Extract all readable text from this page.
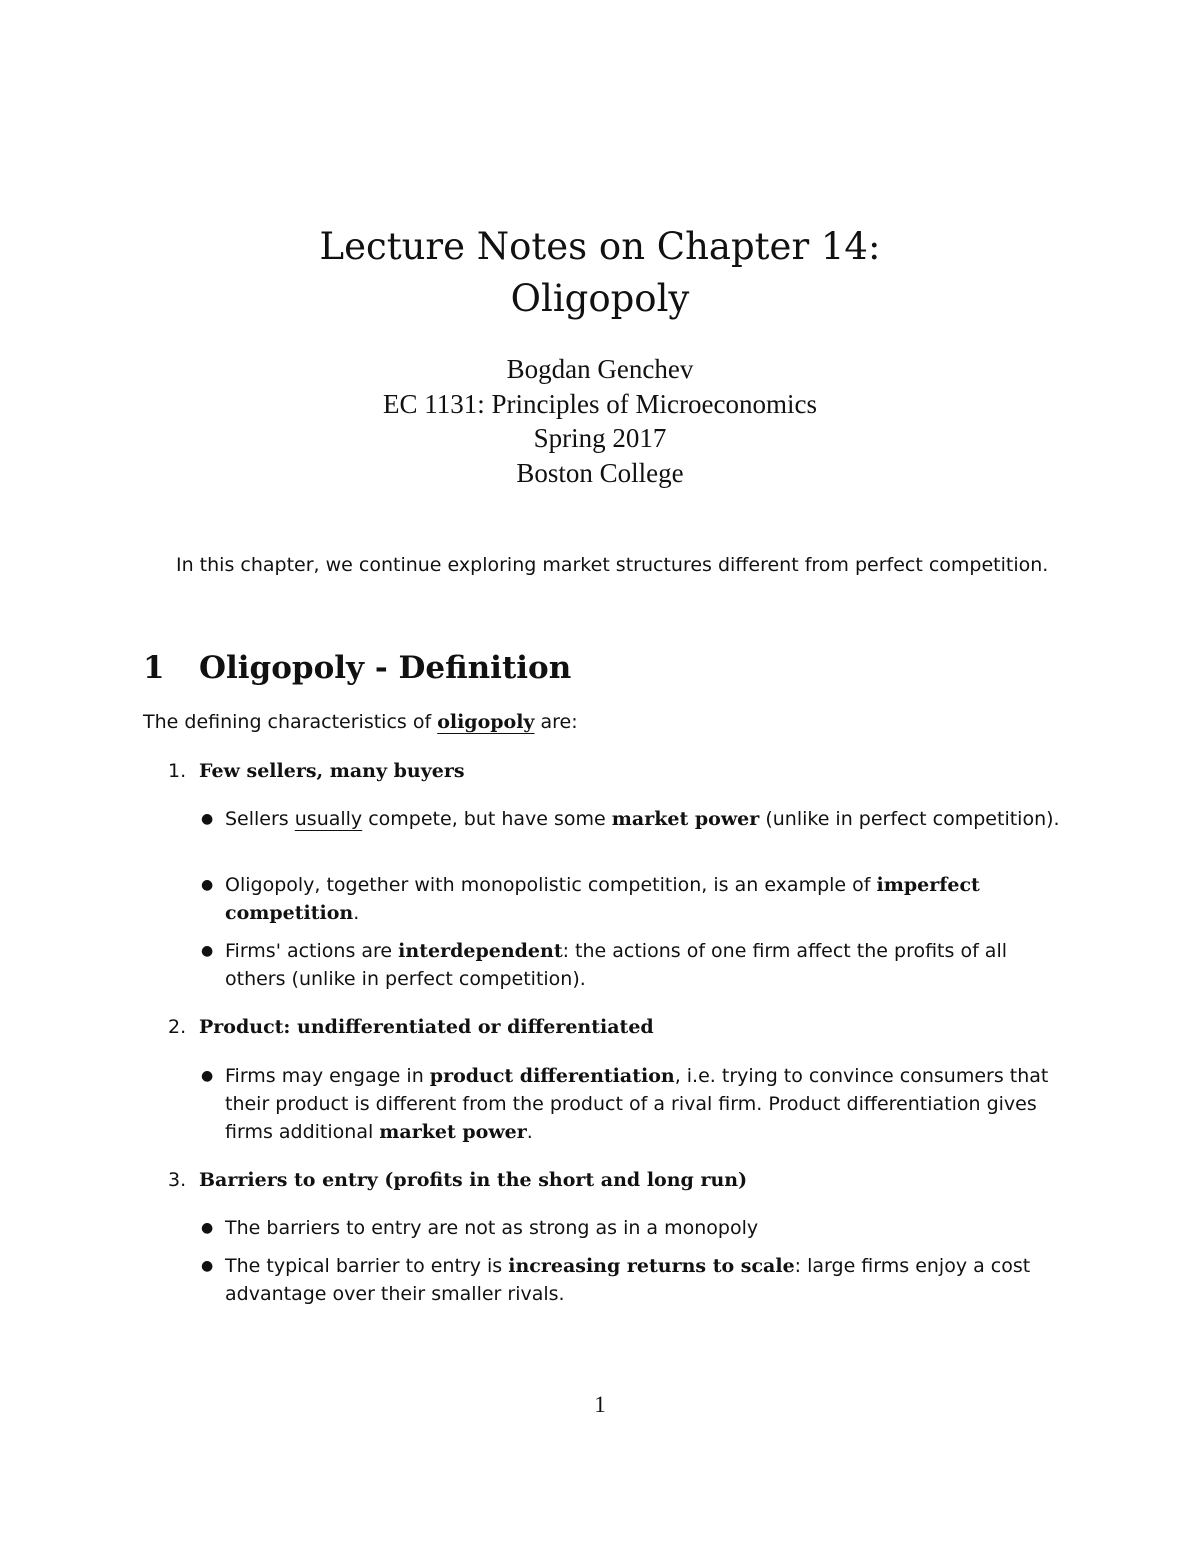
Lecture Notes on Chapter 14:
Oligopoly
Bogdan Genchev
EC 1131: Principles of Microeconomics
Spring 2017
Boston College
In this chapter, we continue exploring market structures different from perfect competition.
1 Oligopoly - Definition
The defining characteristics of oligopoly are:
1. Few sellers, many buyers
● Sellers usually compete, but have some market power (unlike in perfect competition).
● Oligopoly, together with monopolistic competition, is an example of imperfect competition.
● Firms' actions are interdependent: the actions of one firm affect the profits of all others (unlike in perfect competition).
2. Product: undifferentiated or differentiated
● Firms may engage in product differentiation, i.e. trying to convince consumers that their product is different from the product of a rival firm. Product differentiation gives firms additional market power.
3. Barriers to entry (profits in the short and long run)
● The barriers to entry are not as strong as in a monopoly
● The typical barrier to entry is increasing returns to scale: large firms enjoy a cost advantage over their smaller rivals.
1
